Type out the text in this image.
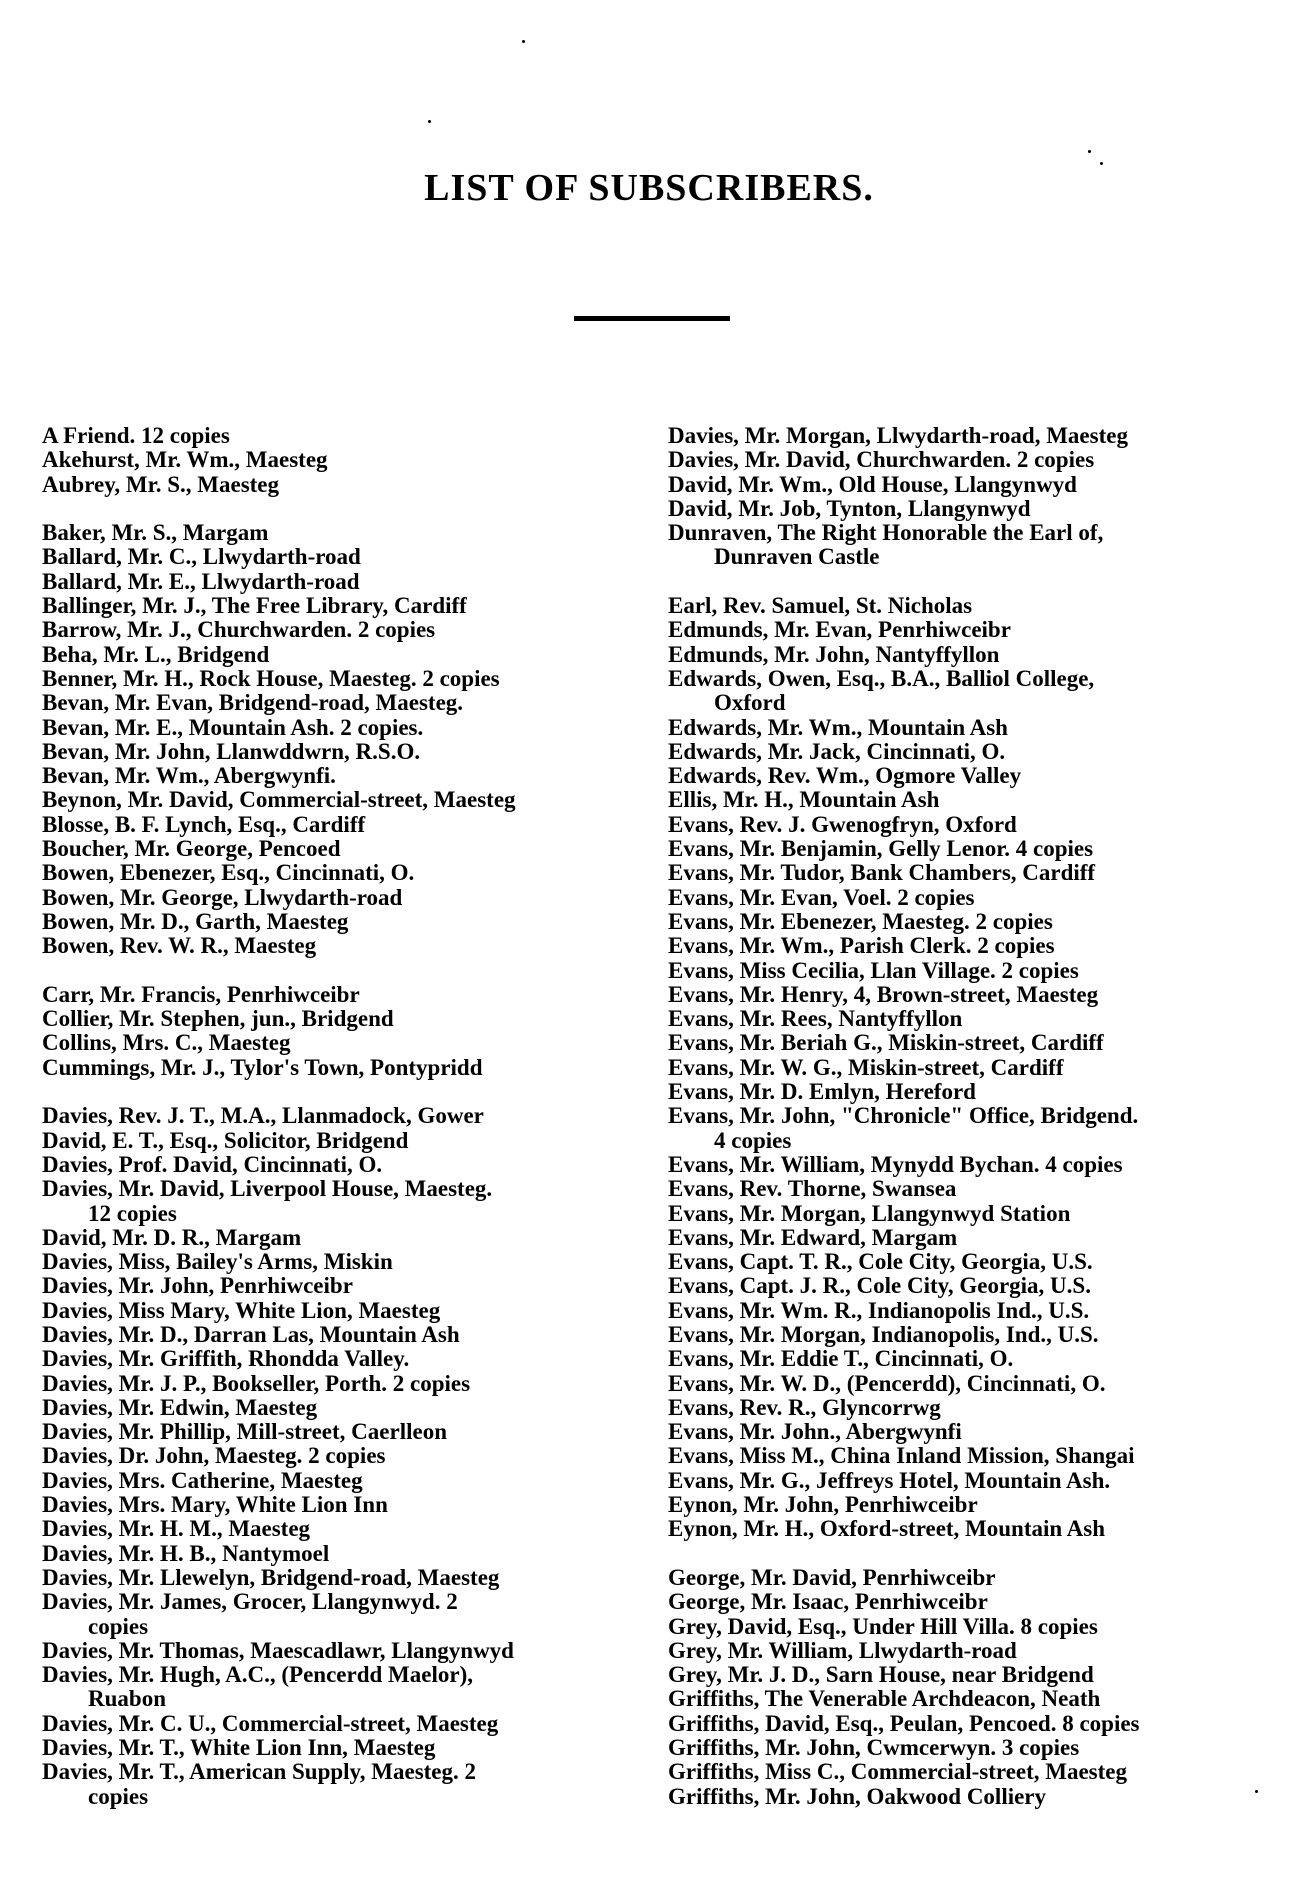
LIST OF SUBSCRIBERS.
A Friend. 12 copies
Akehurst, Mr. Wm., Maesteg
Aubrey, Mr. S., Maesteg
Baker, Mr. S., Margam
Ballard, Mr. C., Llwydarth-road
Ballard, Mr. E., Llwydarth-road
Ballinger, Mr. J., The Free Library, Cardiff
Barrow, Mr. J., Churchwarden. 2 copies
Beha, Mr. L., Bridgend
Benner, Mr. H., Rock House, Maesteg. 2 copies
Bevan, Mr. Evan, Bridgend-road, Maesteg.
Bevan, Mr. E., Mountain Ash. 2 copies.
Bevan, Mr. John, Llanwddwrn, R.S.O.
Bevan, Mr. Wm., Abergwynfi.
Beynon, Mr. David, Commercial-street, Maesteg
Blosse, B. F. Lynch, Esq., Cardiff
Boucher, Mr. George, Pencoed
Bowen, Ebenezer, Esq., Cincinnati, O.
Bowen, Mr. George, Llwydarth-road
Bowen, Mr. D., Garth, Maesteg
Bowen, Rev. W. R., Maesteg
Carr, Mr. Francis, Penrhiwceibr
Collier, Mr. Stephen, jun., Bridgend
Collins, Mrs. C., Maesteg
Cummings, Mr. J., Tylor's Town, Pontypridd
Davies, Rev. J. T., M.A., Llanmadock, Gower
David, E. T., Esq., Solicitor, Bridgend
Davies, Prof. David, Cincinnati, O.
Davies, Mr. David, Liverpool House, Maesteg.
12 copies
David, Mr. D. R., Margam
Davies, Miss, Bailey's Arms, Miskin
Davies, Mr. John, Penrhiwceibr
Davies, Miss Mary, White Lion, Maesteg
Davies, Mr. D., Darran Las, Mountain Ash
Davies, Mr. Griffith, Rhondda Valley.
Davies, Mr. J. P., Bookseller, Porth. 2 copies
Davies, Mr. Edwin, Maesteg
Davies, Mr. Phillip, Mill-street, Caerlleon
Davies, Dr. John, Maesteg. 2 copies
Davies, Mrs. Catherine, Maesteg
Davies, Mrs. Mary, White Lion Inn
Davies, Mr. H. M., Maesteg
Davies, Mr. H. B., Nantymoel
Davies, Mr. Llewelyn, Bridgend-road, Maesteg
Davies, Mr. James, Grocer, Llangynwyd. 2
copies
Davies, Mr. Thomas, Maescadlawr, Llangynwyd
Davies, Mr. Hugh, A.C., (Pencerdd Maelor),
Ruabon
Davies, Mr. C. U., Commercial-street, Maesteg
Davies, Mr. T., White Lion Inn, Maesteg
Davies, Mr. T., American Supply, Maesteg. 2
copies
Davies, Mr. Morgan, Llwydarth-road, Maesteg
Davies, Mr. David, Churchwarden. 2 copies
David, Mr. Wm., Old House, Llangynwyd
David, Mr. Job, Tynton, Llangynwyd
Dunraven, The Right Honorable the Earl of,
Dunraven Castle
Earl, Rev. Samuel, St. Nicholas
Edmunds, Mr. Evan, Penrhiwceibr
Edmunds, Mr. John, Nantyffyllon
Edwards, Owen, Esq., B.A., Balliol College,
Oxford
Edwards, Mr. Wm., Mountain Ash
Edwards, Mr. Jack, Cincinnati, O.
Edwards, Rev. Wm., Ogmore Valley
Ellis, Mr. H., Mountain Ash
Evans, Rev. J. Gwenogfryn, Oxford
Evans, Mr. Benjamin, Gelly Lenor. 4 copies
Evans, Mr. Tudor, Bank Chambers, Cardiff
Evans, Mr. Evan, Voel. 2 copies
Evans, Mr. Ebenezer, Maesteg. 2 copies
Evans, Mr. Wm., Parish Clerk. 2 copies
Evans, Miss Cecilia, Llan Village. 2 copies
Evans, Mr. Henry, 4, Brown-street, Maesteg
Evans, Mr. Rees, Nantyffyllon
Evans, Mr. Beriah G., Miskin-street, Cardiff
Evans, Mr. W. G., Miskin-street, Cardiff
Evans, Mr. D. Emlyn, Hereford
Evans, Mr. John, "Chronicle" Office, Bridgend.
4 copies
Evans, Mr. William, Mynydd Bychan. 4 copies
Evans, Rev. Thorne, Swansea
Evans, Mr. Morgan, Llangynwyd Station
Evans, Mr. Edward, Margam
Evans, Capt. T. R., Cole City, Georgia, U.S.
Evans, Capt. J. R., Cole City, Georgia, U.S.
Evans, Mr. Wm. R., Indianopolis Ind., U.S.
Evans, Mr. Morgan, Indianopolis, Ind., U.S.
Evans, Mr. Eddie T., Cincinnati, O.
Evans, Mr. W. D., (Pencerdd), Cincinnati, O.
Evans, Rev. R., Glyncorrwg
Evans, Mr. John., Abergwynfi
Evans, Miss M., China Inland Mission, Shangai
Evans, Mr. G., Jeffreys Hotel, Mountain Ash.
Eynon, Mr. John, Penrhiwceibr
Eynon, Mr. H., Oxford-street, Mountain Ash
George, Mr. David, Penrhiwceibr
George, Mr. Isaac, Penrhiwceibr
Grey, David, Esq., Under Hill Villa. 8 copies
Grey, Mr. William, Llwydarth-road
Grey, Mr. J. D., Sarn House, near Bridgend
Griffiths, The Venerable Archdeacon, Neath
Griffiths, David, Esq., Peulan, Pencoed. 8 copies
Griffiths, Mr. John, Cwmcerwyn. 3 copies
Griffiths, Miss C., Commercial-street, Maesteg
Griffiths, Mr. John, Oakwood Colliery
